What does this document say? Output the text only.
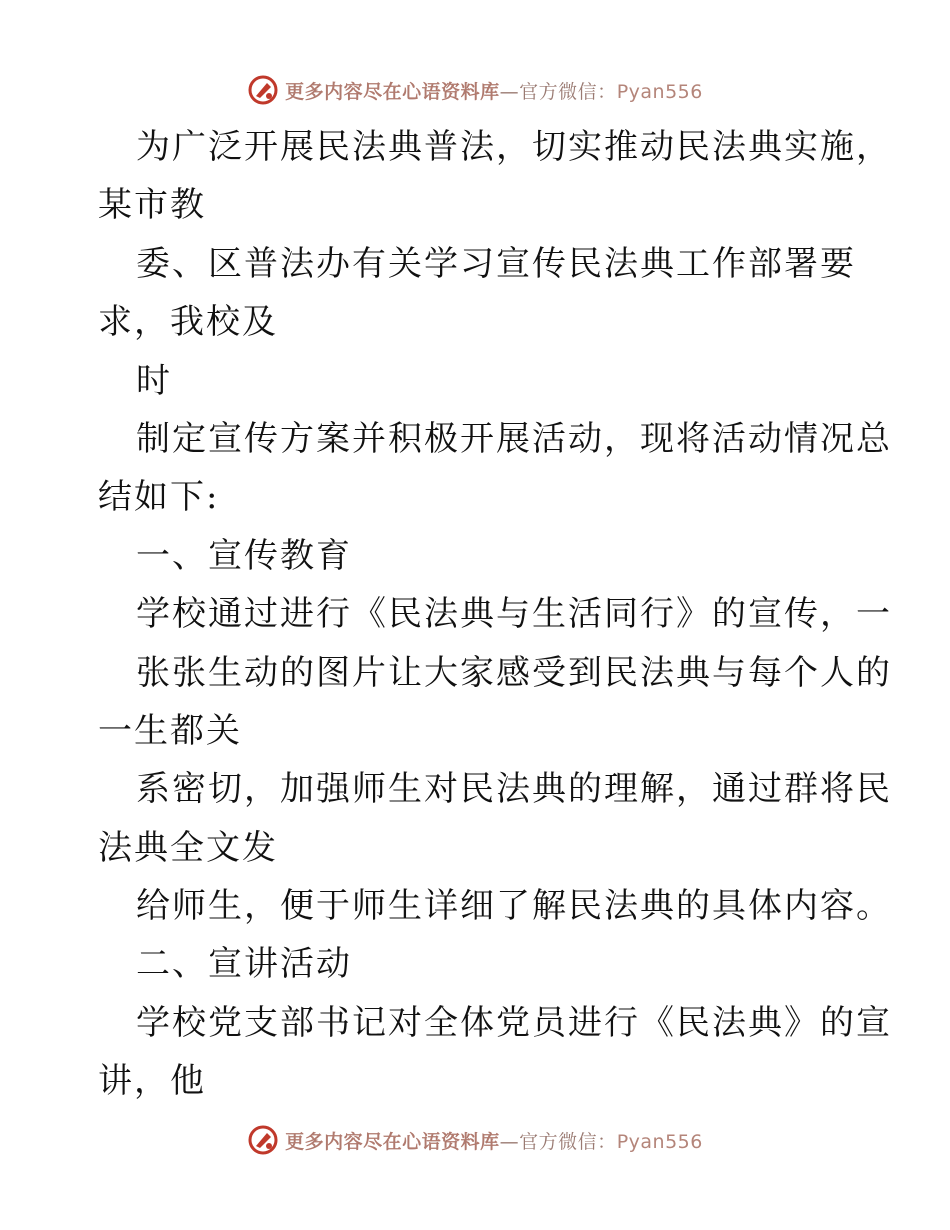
更多内容尽在心语资料库—官方微信：Pyan556
为广泛开展民法典普法，切实推动民法典实施，
某市教
委、区普法办有关学习宣传民法典工作部署要
求，我校及
时
制定宣传方案并积极开展活动，现将活动情况总
结如下:
一、宣传教育
学校通过进行《民法典与生活同行》的宣传，一
张张生动的图片让大家感受到民法典与每个人的
一生都关
系密切，加强师生对民法典的理解，通过群将民
法典全文发
给师生，便于师生详细了解民法典的具体内容。
二、宣讲活动
学校党支部书记对全体党员进行《民法典》的宣
讲，他
更多内容尽在心语资料库—官方微信：Pyan556
